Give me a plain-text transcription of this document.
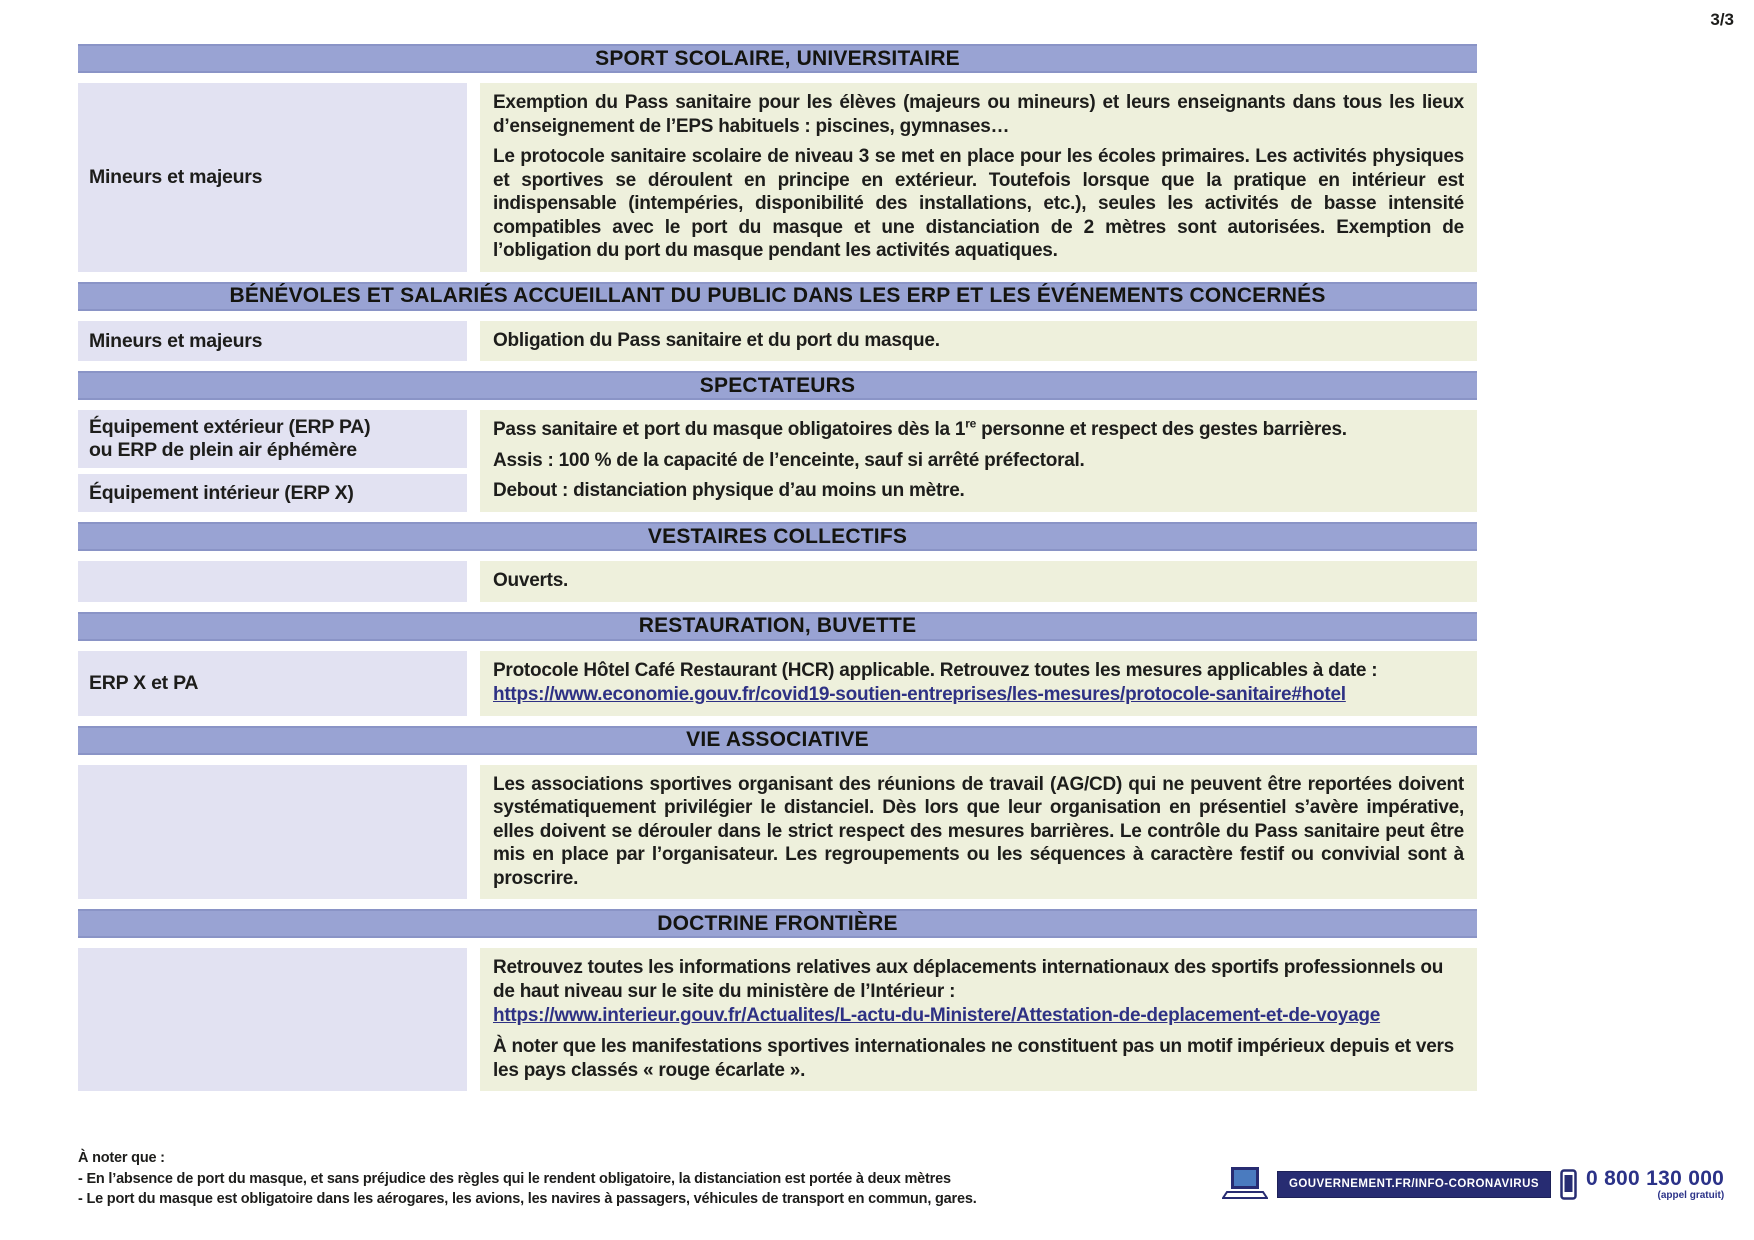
3/3
SPORT SCOLAIRE, UNIVERSITAIRE
Mineurs et majeurs

Exemption du Pass sanitaire pour les élèves (majeurs ou mineurs) et leurs enseignants dans tous les lieux d’enseignement de l’EPS habituels : piscines, gymnases…

Le protocole sanitaire scolaire de niveau 3 se met en place pour les écoles primaires. Les activités physiques et sportives se déroulent en principe en extérieur. Toutefois lorsque que la pratique en intérieur est indispensable (intempéries, disponibilité des installations, etc.), seules les activités de basse intensité compatibles avec le port du masque et une distanciation de 2 mètres sont autorisées. Exemption de l’obligation du port du masque pendant les activités aquatiques.

BÉNÉVOLES ET SALARIÉS ACCUEILLANT DU PUBLIC DANS LES ERP ET LES ÉVÉNEMENTS CONCERNÉS
Mineurs et majeurs	Obligation du Pass sanitaire et du port du masque.

SPECTATEURS
Équipement extérieur (ERP PA)
ou ERP de plein air éphémère
Équipement intérieur (ERP X)

Pass sanitaire et port du masque obligatoires dès la 1re personne et respect des gestes barrières.

Assis : 100 % de la capacité de l’enceinte, sauf si arrêté préfectoral.

Debout : distanciation physique d’au moins un mètre.

VESTAIRES COLLECTIFS

Ouverts.

RESTAURATION, BUVETTE
ERP X et PA

Protocole Hôtel Café Restaurant (HCR) applicable. Retrouvez toutes les mesures applicables à date :

https://www.economie.gouv.fr/covid19-soutien-entreprises/les-mesures/protocole-sanitaire#hotel

VIE ASSOCIATIVE

Les associations sportives organisant des réunions de travail (AG/CD) qui ne peuvent être reportées doivent systématiquement privilégier le distanciel. Dès lors que leur organisation en présentiel s’avère impérative, elles doivent se dérouler dans le strict respect des mesures barrières. Le contrôle du Pass sanitaire peut être mis en place par l’organisateur. Les regroupements ou les séquences à caractère festif ou convivial sont à proscrire.

DOCTRINE FRONTIÈRE

Retrouvez toutes les informations relatives aux déplacements internationaux des sportifs professionnels ou de haut niveau sur le site du ministère de l’Intérieur :

https://www.interieur.gouv.fr/Actualites/L-actu-du-Ministere/Attestation-de-deplacement-et-de-voyage

À noter que les manifestations sportives internationales ne constituent pas un motif impérieux depuis et vers les pays classés « rouge écarlate ».

À noter que :
- En l’absence de port du masque, et sans préjudice des règles qui le rendent obligatoire, la distanciation est portée à deux mètres
- Le port du masque est obligatoire dans les aérogares, les avions, les navires à passagers, véhicules de transport en commun, gares.
GOUVERNEMENT.FR/INFO-CORONAVIRUS	0 800 130 000
(appel gratuit)
